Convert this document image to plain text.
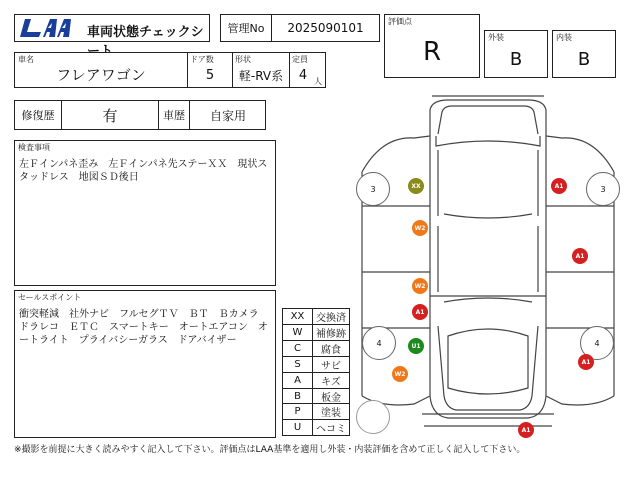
車両状態チェックシ	管理No	2025090101	評価点
R	外装
B
内装
B
車名
フレアワゴン
ドア数
5
形状
軽-RV系
定員
4 人
修復歴	有	車歴	自家用
検査事項
左Ｆインパネ歪み　左Ｆインパネ先ステーＸＸ　現状スタッドレス　地図ＳＤ後日
セールスポイント
衝突軽減　社外ナビ　フルセグＴＶ　ＢＴ　Ｂカメラ　ドラレコ　ＥＴＣ　スマートキー　オートエアコン　オートライト　プライバシーガラス　ドアバイザー
XX	交換済
W	補修跡
C	腐食
S	サビ
A	キズ
B	板金
P	塗装
U	ヘコミ
3	3
4	4
XX	A1
W2
A1
W2
A1
U1
A1
W2
A1
※撮影を前提に大きく読みやすく記入して下さい。評価点はLAA基準を適用し外装・内装評価を含めて正しく記入して下さい。
